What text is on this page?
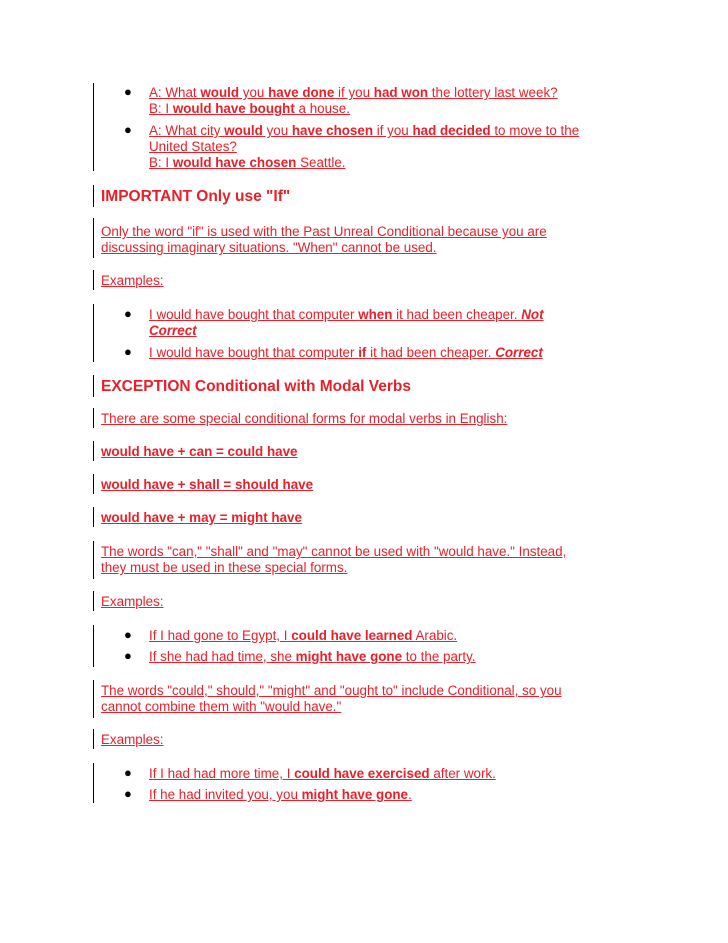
● A: What would you have done if you had won the lottery last week?
B: I would have bought a house.
● A: What city would you have chosen if you had decided to move to the
United States?
B: I would have chosen Seattle.
IMPORTANT Only use "If"
Only the word "if" is used with the Past Unreal Conditional because you are
discussing imaginary situations. "When" cannot be used.
Examples:
● I would have bought that computer when it had been cheaper. Not
Correct
● I would have bought that computer if it had been cheaper. Correct
EXCEPTION Conditional with Modal Verbs
There are some special conditional forms for modal verbs in English:
would have + can = could have
would have + shall = should have
would have + may = might have
The words "can," "shall" and "may" cannot be used with "would have." Instead,
they must be used in these special forms.
Examples:
● If I had gone to Egypt, I could have learned Arabic.
● If she had had time, she might have gone to the party.
The words "could," should," "might" and "ought to" include Conditional, so you
cannot combine them with "would have."
Examples:
● If I had had more time, I could have exercised after work.
● If he had invited you, you might have gone.
